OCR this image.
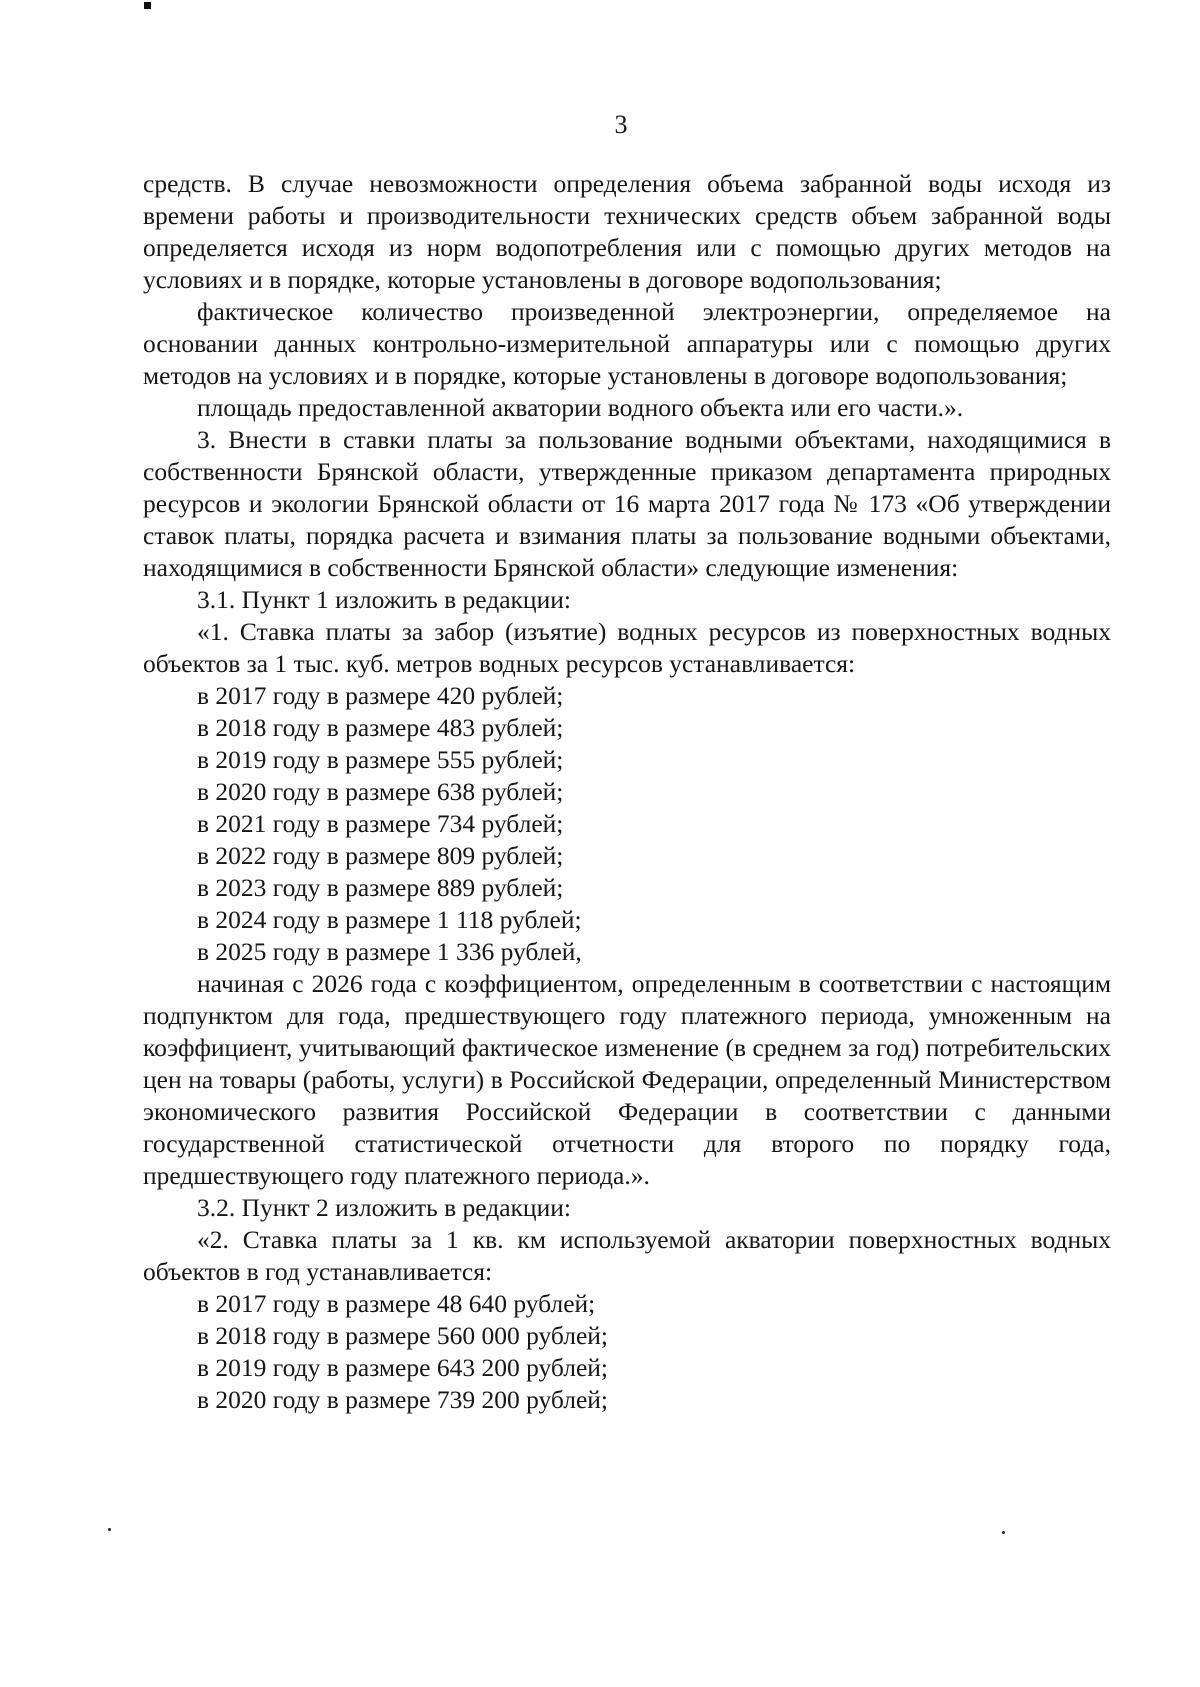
3

средств. В случае невозможности определения объема забранной воды исходя из времени работы и производительности технических средств объем забранной воды определяется исходя из норм водопотребления или с помощью других методов на условиях и в порядке, которые установлены в договоре водопользования;

фактическое количество произведенной электроэнергии, определяемое на основании данных контрольно-измерительной аппаратуры или с помощью других методов на условиях и в порядке, которые установлены в договоре водопользования;

площадь предоставленной акватории водного объекта или его части.».

3. Внести в ставки платы за пользование водными объектами, находящимися в собственности Брянской области, утвержденные приказом департамента природных ресурсов и экологии Брянской области от 16 марта 2017 года № 173 «Об утверждении ставок платы, порядка расчета и взимания платы за пользование водными объектами, находящимися в собственности Брянской области» следующие изменения:

3.1. Пункт 1 изложить в редакции:

«1. Ставка платы за забор (изъятие) водных ресурсов из поверхностных водных объектов за 1 тыс. куб. метров водных ресурсов устанавливается:

в 2017 году в размере 420 рублей;

в 2018 году в размере 483 рублей;

в 2019 году в размере 555 рублей;

в 2020 году в размере 638 рублей;

в 2021 году в размере 734 рублей;

в 2022 году в размере 809 рублей;

в 2023 году в размере 889 рублей;

в 2024 году в размере 1 118 рублей;

в 2025 году в размере 1 336 рублей,

начиная с 2026 года с коэффициентом, определенным в соответствии с настоящим подпунктом для года, предшествующего году платежного периода, умноженным на коэффициент, учитывающий фактическое изменение (в среднем за год) потребительских цен на товары (работы, услуги) в Российской Федерации, определенный Министерством экономического развития Российской Федерации в соответствии с данными государственной статистической отчетности для второго по порядку года, предшествующего году платежного периода.».

3.2. Пункт 2 изложить в редакции:

«2. Ставка платы за 1 кв. км используемой акватории поверхностных водных объектов в год устанавливается:

в 2017 году в размере 48 640 рублей;

в 2018 году в размере 560 000 рублей;

в 2019 году в размере 643 200 рублей;

в 2020 году в размере 739 200 рублей;
